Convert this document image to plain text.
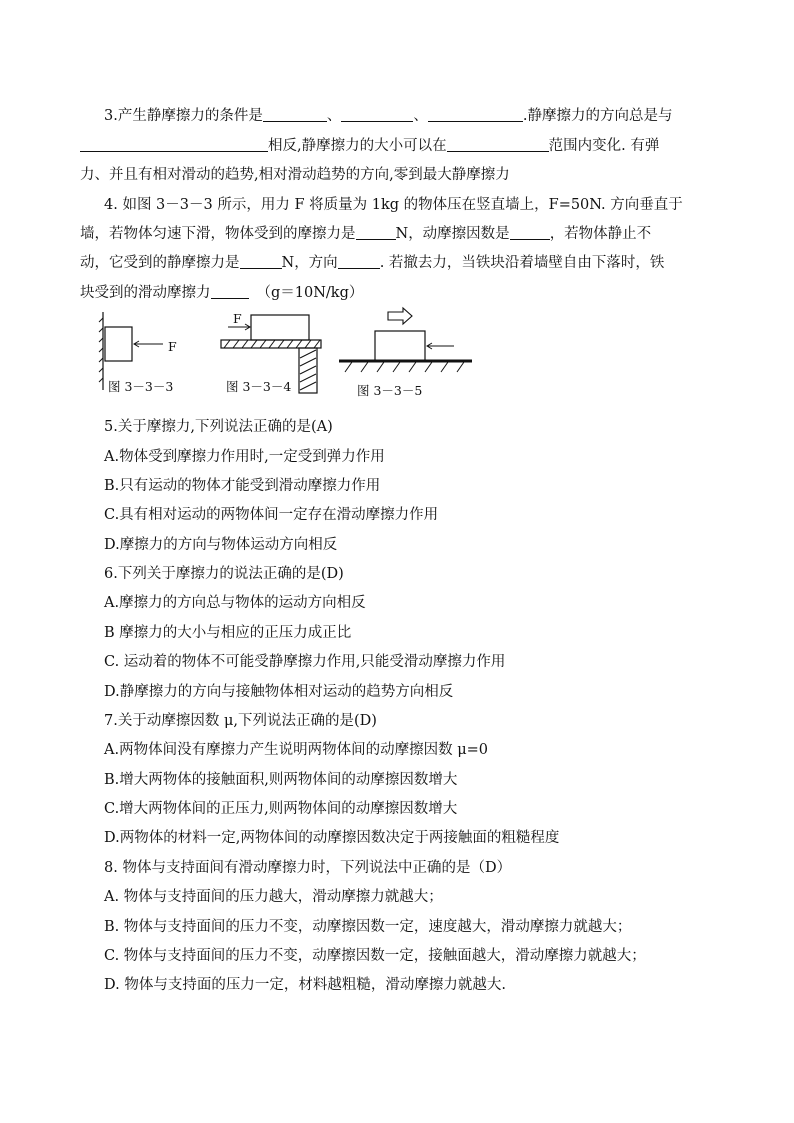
3.产生静摩擦力的条件是	、	、	.静摩擦力的方向总是与
相反,静摩擦力的大小可以在	范围内变化. 有弹
力、并且有相对滑动的趋势,相对滑动趋势的方向,零到最大静摩擦力
4. 如图 3－3－3 所示，用力 F 将质量为 1kg 的物体压在竖直墙上，F=50N. 方向垂直于
墙，若物体匀速下滑，物体受到的摩擦力是	N，动摩擦因数是	，若物体静止不
动，它受到的静摩擦力是	N，方向	. 若撤去力，当铁块沿着墙壁自由下落时，铁
块受到的滑动摩擦力	（g＝10N/kg）
F
图 3－3－3
F
图 3－3－4	图 3－3－5
5.关于摩擦力,下列说法正确的是(A)
A.物体受到摩擦力作用时,一定受到弹力作用
B.只有运动的物体才能受到滑动摩擦力作用
C.具有相对运动的两物体间一定存在滑动摩擦力作用
D.摩擦力的方向与物体运动方向相反
6.下列关于摩擦力的说法正确的是(D)
A.摩擦力的方向总与物体的运动方向相反
B 摩擦力的大小与相应的正压力成正比
C. 运动着的物体不可能受静摩擦力作用,只能受滑动摩擦力作用
D.静摩擦力的方向与接触物体相对运动的趋势方向相反
7.关于动摩擦因数 μ,下列说法正确的是(D)
A.两物体间没有摩擦力产生说明两物体间的动摩擦因数 μ=0
B.增大两物体的接触面积,则两物体间的动摩擦因数增大
C.增大两物体间的正压力,则两物体间的动摩擦因数增大
D.两物体的材料一定,两物体间的动摩擦因数决定于两接触面的粗糙程度
8. 物体与支持面间有滑动摩擦力时，下列说法中正确的是（D）
A. 物体与支持面间的压力越大，滑动摩擦力就越大；
B. 物体与支持面间的压力不变，动摩擦因数一定，速度越大，滑动摩擦力就越大；
C. 物体与支持面间的压力不变，动摩擦因数一定，接触面越大，滑动摩擦力就越大；
D. 物体与支持面的压力一定，材料越粗糙，滑动摩擦力就越大.
